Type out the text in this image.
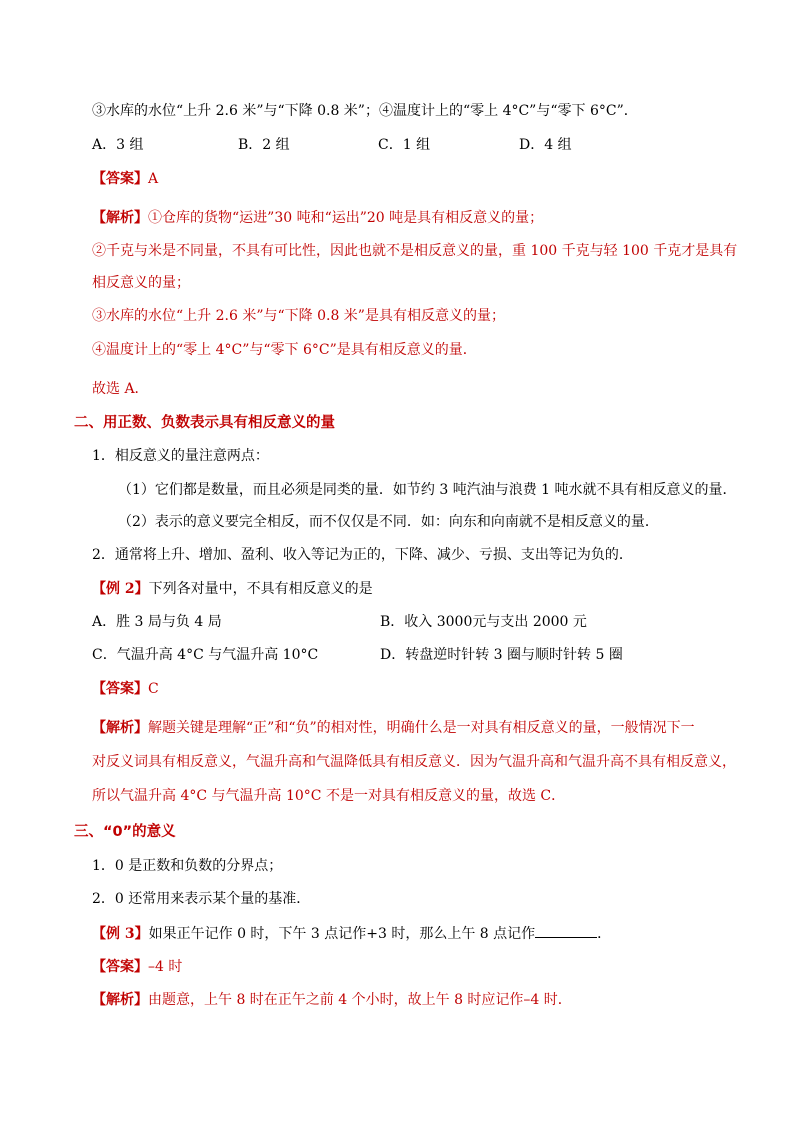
③水库的水位“上升 2.6 米”与“下降 0.8 米”；④温度计上的“零上 4°C”与“零下 6°C”．
A．3 组	B．2 组	C．1 组	D．4 组
【答案】A
【解析】①仓库的货物“运进”30 吨和“运出”20 吨是具有相反意义的量；
②千克与米是不同量，不具有可比性，因此也就不是相反意义的量，重 100 千克与轻 100 千克才是具有
相反意义的量；
③水库的水位“上升 2.6 米”与“下降 0.8 米”是具有相反意义的量；
④温度计上的“零上 4°C”与“零下 6°C”是具有相反意义的量．
故选 A．
二、用正数、负数表示具有相反意义的量
1．相反意义的量注意两点：
（1）它们都是数量，而且必须是同类的量．如节约 3 吨汽油与浪费 1 吨水就不具有相反意义的量．
（2）表示的意义要完全相反，而不仅仅是不同．如：向东和向南就不是相反意义的量．
2．通常将上升、增加、盈利、收入等记为正的，下降、减少、亏损、支出等记为负的．
【例 2】下列各对量中，不具有相反意义的是
A．胜 3 局与负 4 局	B．收入 3000元与支出 2000 元
C．气温升高 4°C 与气温升高 10°C	D．转盘逆时针转 3 圈与顺时针转 5 圈
【答案】C
【解析】解题关键是理解“正”和“负”的相对性，明确什么是一对具有相反意义的量，一般情况下一
对反义词具有相反意义，气温升高和气温降低具有相反意义．因为气温升高和气温升高不具有相反意义，
所以气温升高 4°C 与气温升高 10°C 不是一对具有相反意义的量，故选 C．
三、“0”的意义
1．0 是正数和负数的分界点；
2．0 还常用来表示某个量的基准．
【例 3】如果正午记作 0 时，下午 3 点记作+3 时，那么上午 8 点记作	．
【答案】–4 时
【解析】由题意，上午 8 时在正午之前 4 个小时，故上午 8 时应记作–4 时．
